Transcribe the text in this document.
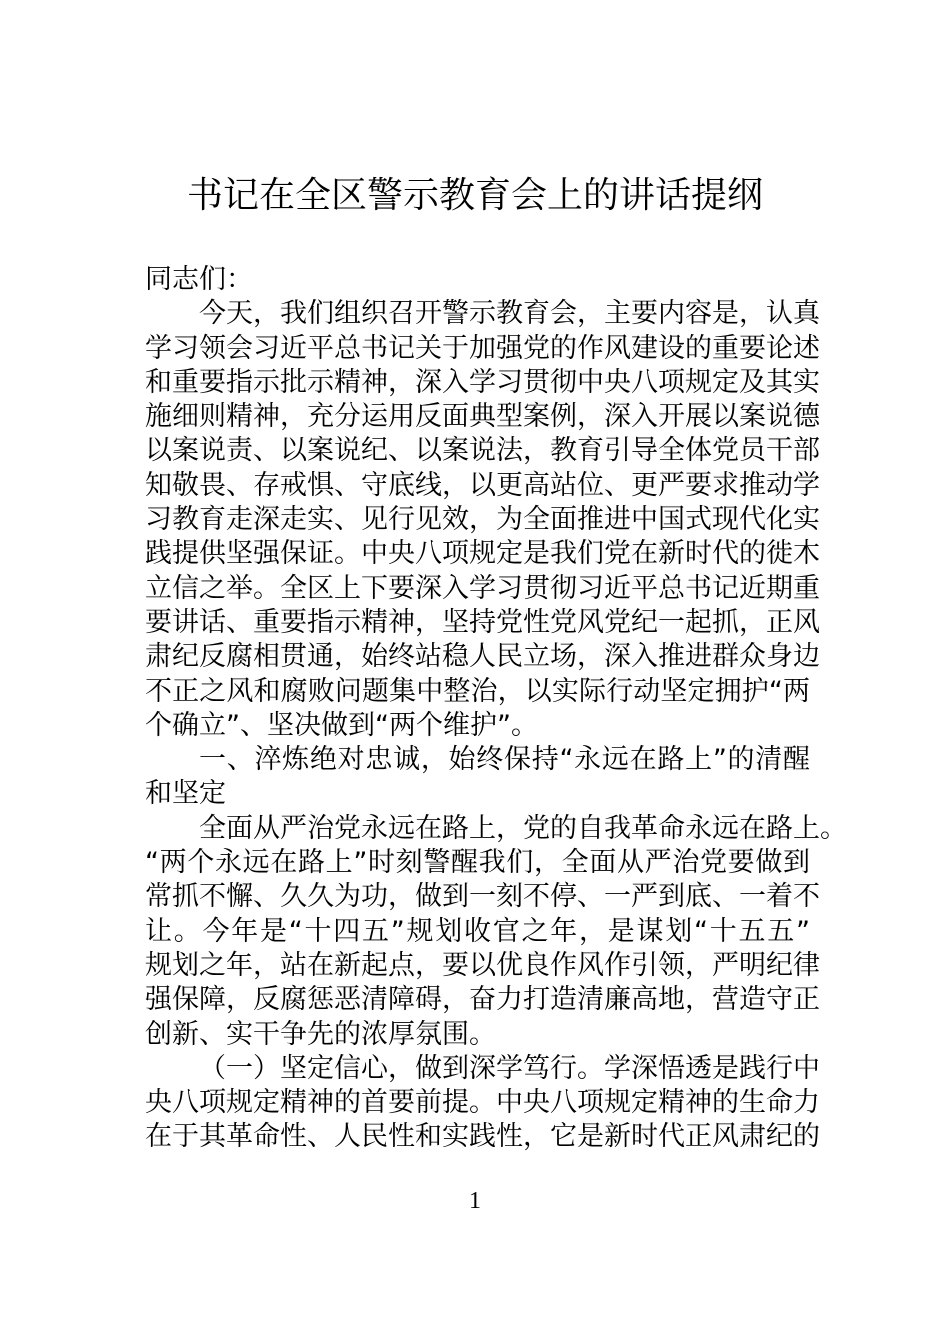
书记在全区警示教育会上的讲话提纲
同志们：
今天，我们组织召开警示教育会，主要内容是，认真
学习领会习近平总书记关于加强党的作风建设的重要论述
和重要指示批示精神，深入学习贯彻中央八项规定及其实
施细则精神，充分运用反面典型案例，深入开展以案说德
以案说责、以案说纪、以案说法，教育引导全体党员干部
知敬畏、存戒惧、守底线，以更高站位、更严要求推动学
习教育走深走实、见行见效，为全面推进中国式现代化实
践提供坚强保证。中央八项规定是我们党在新时代的徙木
立信之举。全区上下要深入学习贯彻习近平总书记近期重
要讲话、重要指示精神，坚持党性党风党纪一起抓，正风
肃纪反腐相贯通，始终站稳人民立场，深入推进群众身边
不正之风和腐败问题集中整治，以实际行动坚定拥护“两
个确立”、坚决做到“两个维护”。
一、淬炼绝对忠诚，始终保持“永远在路上”的清醒
和坚定
全面从严治党永远在路上，党的自我革命永远在路上。
“两个永远在路上”时刻警醒我们，全面从严治党要做到
常抓不懈、久久为功，做到一刻不停、一严到底、一着不
让。今年是“十四五”规划收官之年，是谋划“十五五”
规划之年，站在新起点，要以优良作风作引领，严明纪律
强保障，反腐惩恶清障碍，奋力打造清廉高地，营造守正
创新、实干争先的浓厚氛围。
（一）坚定信心，做到深学笃行。学深悟透是践行中
央八项规定精神的首要前提。中央八项规定精神的生命力
在于其革命性、人民性和实践性，它是新时代正风肃纪的
1
